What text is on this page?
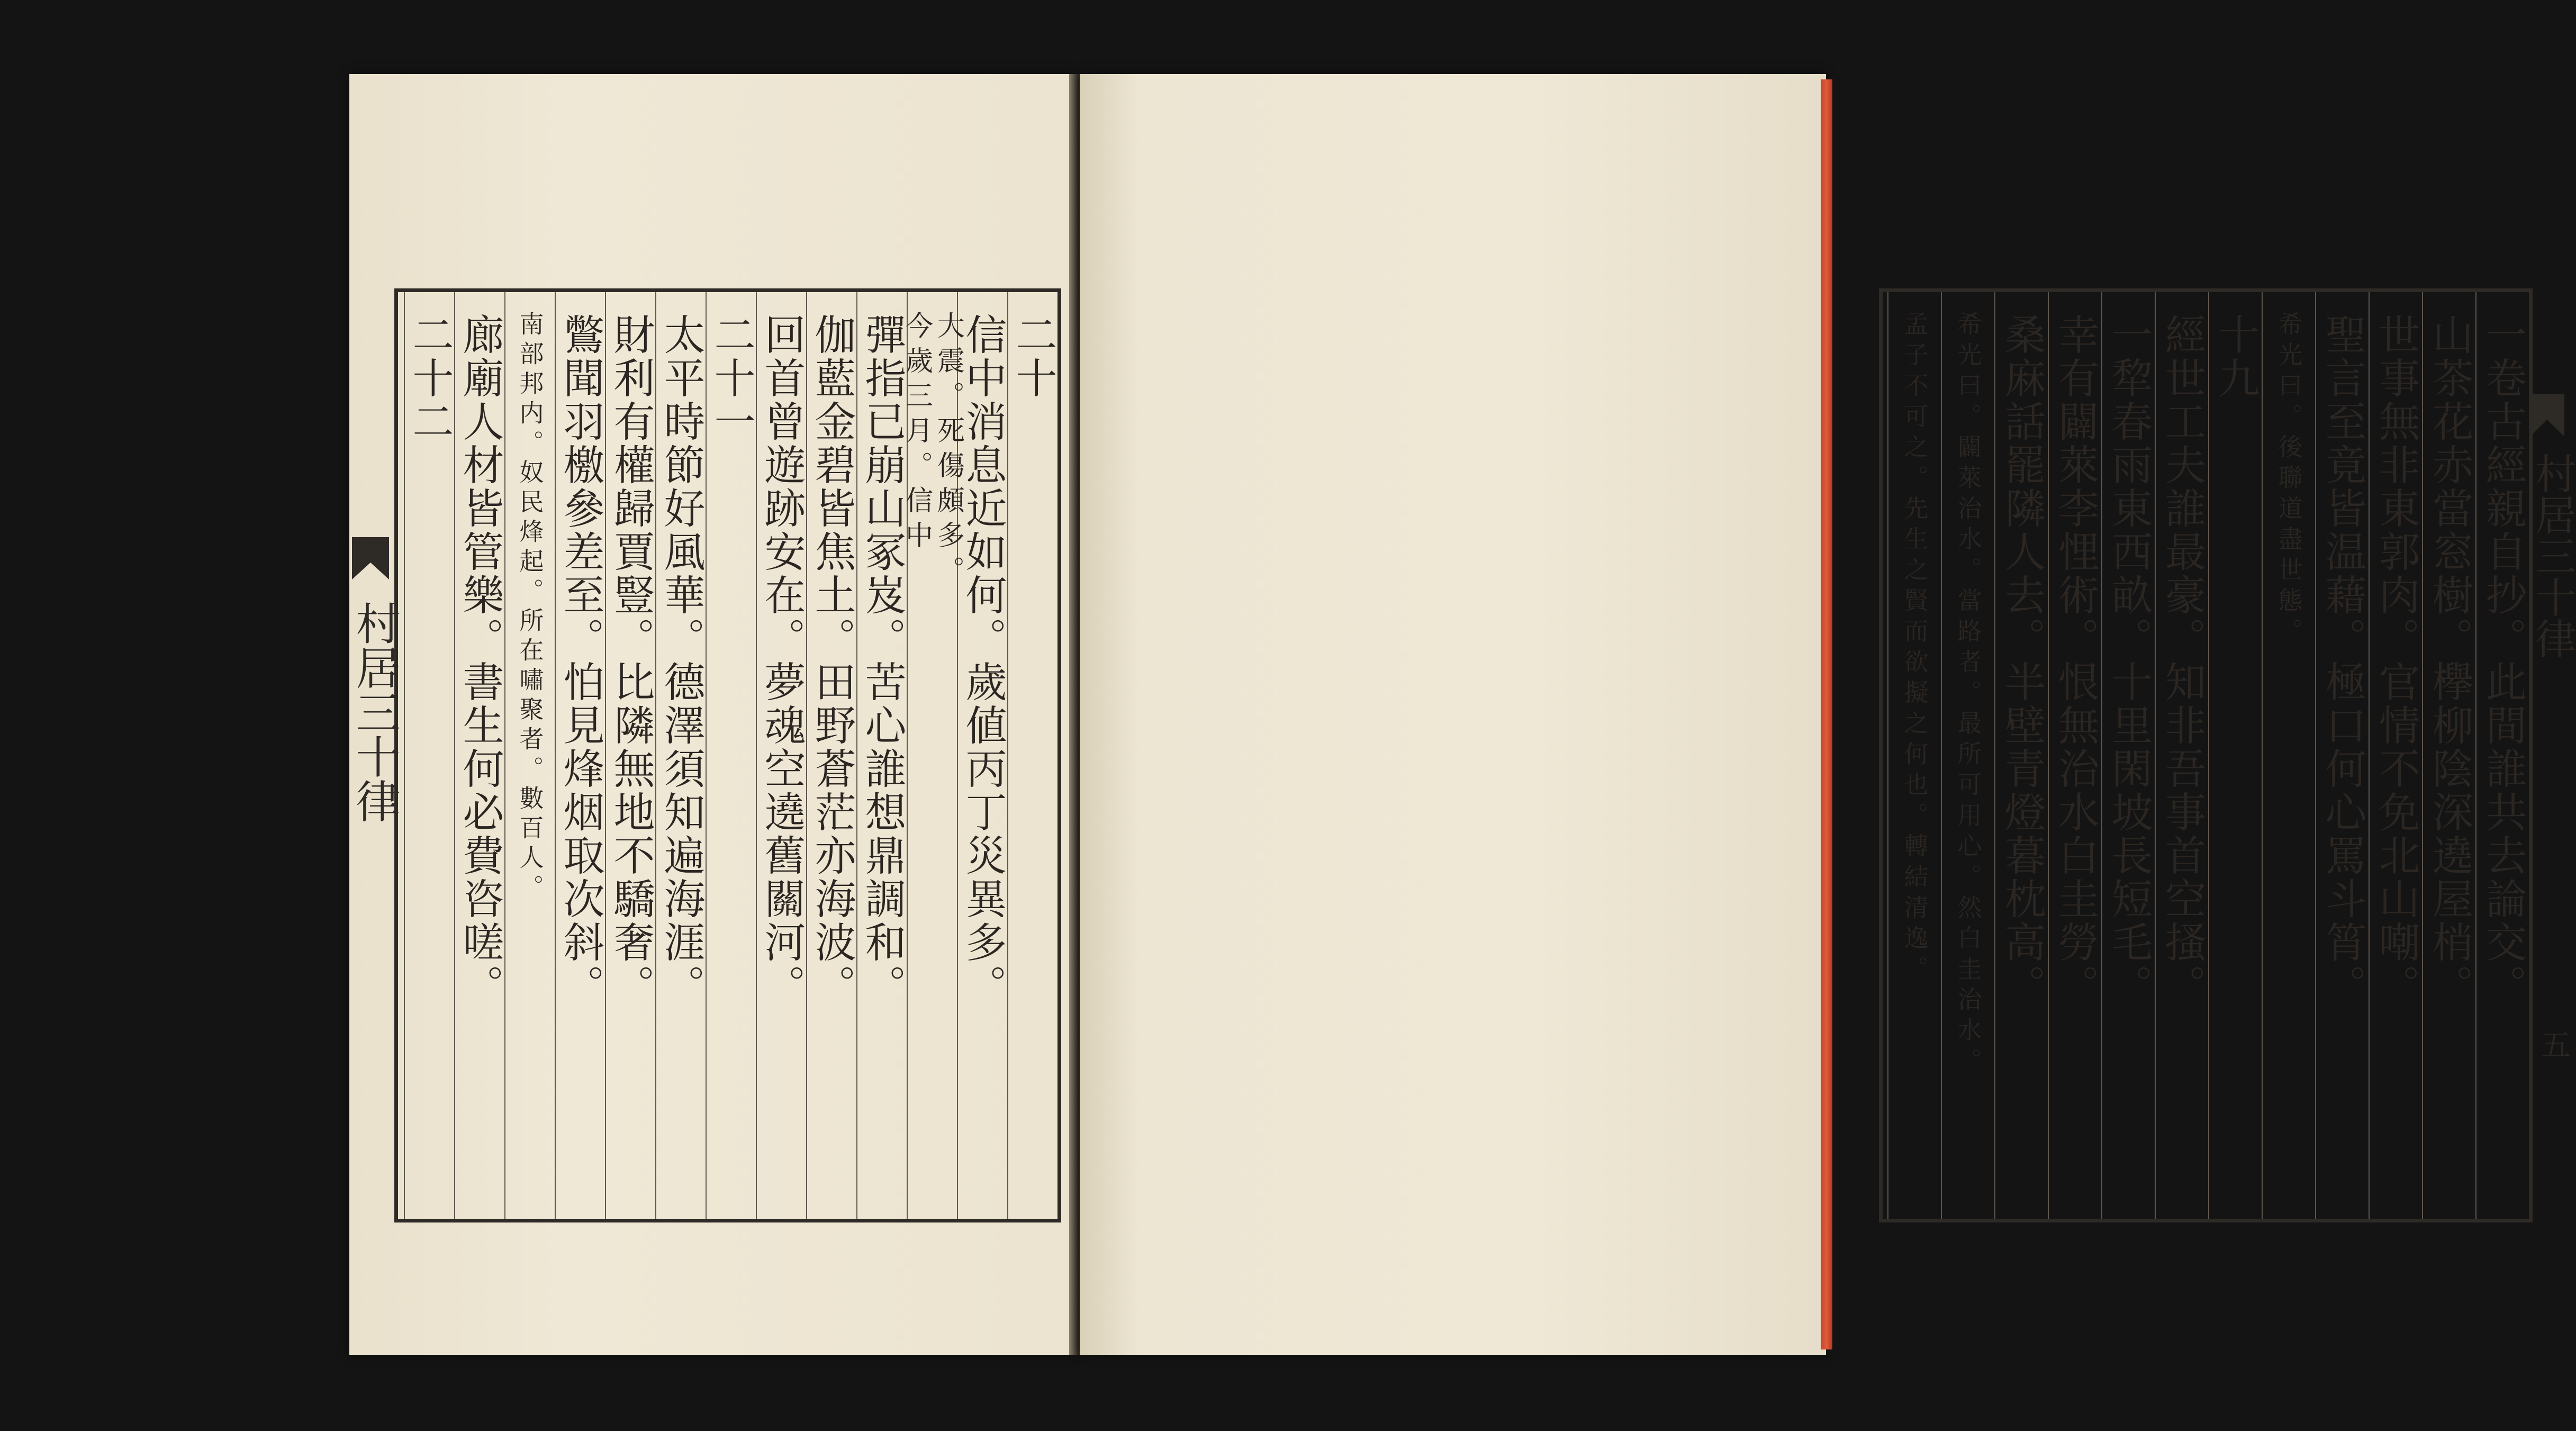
村居三十律
二十
信中消息近如何。歲値丙丁災異多。
今歲三月。信中 大震。死傷頗多。
彈指已崩山冢岌。苦心誰想鼎調和。
伽藍金碧皆焦土。田野蒼茫亦海波。
回首曾遊跡安在。夢魂空遶舊關河。
二十一
太平時節好風華。德澤須知遍海涯。
財利有權歸賈豎。比隣無地不驕奢。
鷩聞羽檄參差至。怕見烽烟取次斜。
南部邦内。奴民烽起。所在嘯聚者。數百人。
廊廟人材皆管樂。書生何必費咨嗟。
二十二	一卷古經親自抄。此間誰共去論交。
山茶花赤當窓樹。欅柳陰深遶屋梢。
世事無非東郭肉。官情不免北山嘲。
聖言至竟皆温藉。極口何心罵斗筲。
希光曰。後聯道盡世態。
十九
經世工夫誰最豪。知非吾事首空搔。
一犂春雨東西畝。十里閑坡長短毛。
幸有闢萊李悝術。恨無治水白圭勞。
桑麻話罷隣人去。半壁青燈暮枕高。
希光曰。闢萊治水。當路者。最所可用心。然白圭治水。
孟子不可之。先生之賢而欲擬之何也。轉結清逸。	村居三十律
五
